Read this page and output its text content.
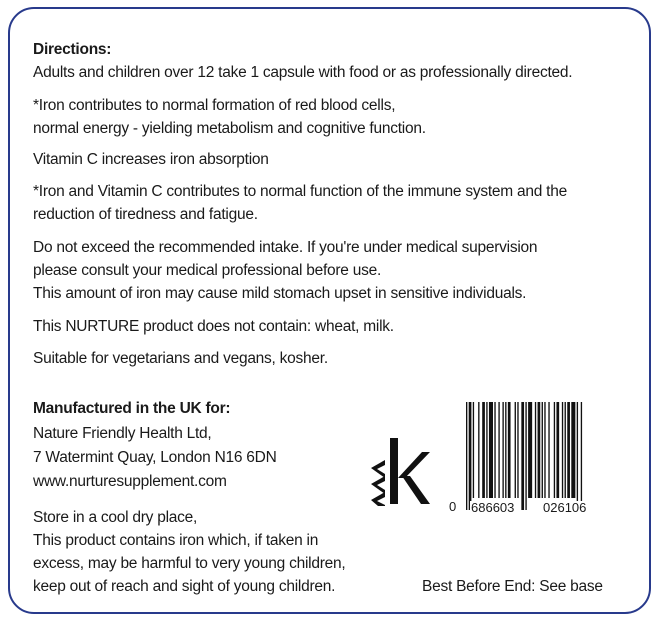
Directions:
Adults and children over 12 take 1 capsule with food or as professionally directed.
*Iron contributes to normal formation of red blood cells,
normal energy - yielding metabolism and cognitive function.
Vitamin C increases iron absorption
*Iron and Vitamin C contributes to normal function of the immune system and the
reduction of tiredness and fatigue.
Do not exceed the recommended intake. If you're under medical supervision
please consult your medical professional before use.
This amount of iron may cause mild stomach upset in sensitive individuals.
This NURTURE product does not contain: wheat, milk.
Suitable for vegetarians and vegans, kosher.
Manufactured in the UK for:
Nature Friendly Health Ltd,
7 Watermint Quay, London N16 6DN
www.nurturesupplement.com
Store in a cool dry place,
This product contains iron which, if taken in
excess, may be harmful to very young children,
keep out of reach and sight of young children.	Best Before End: See base
0 686603 026106
